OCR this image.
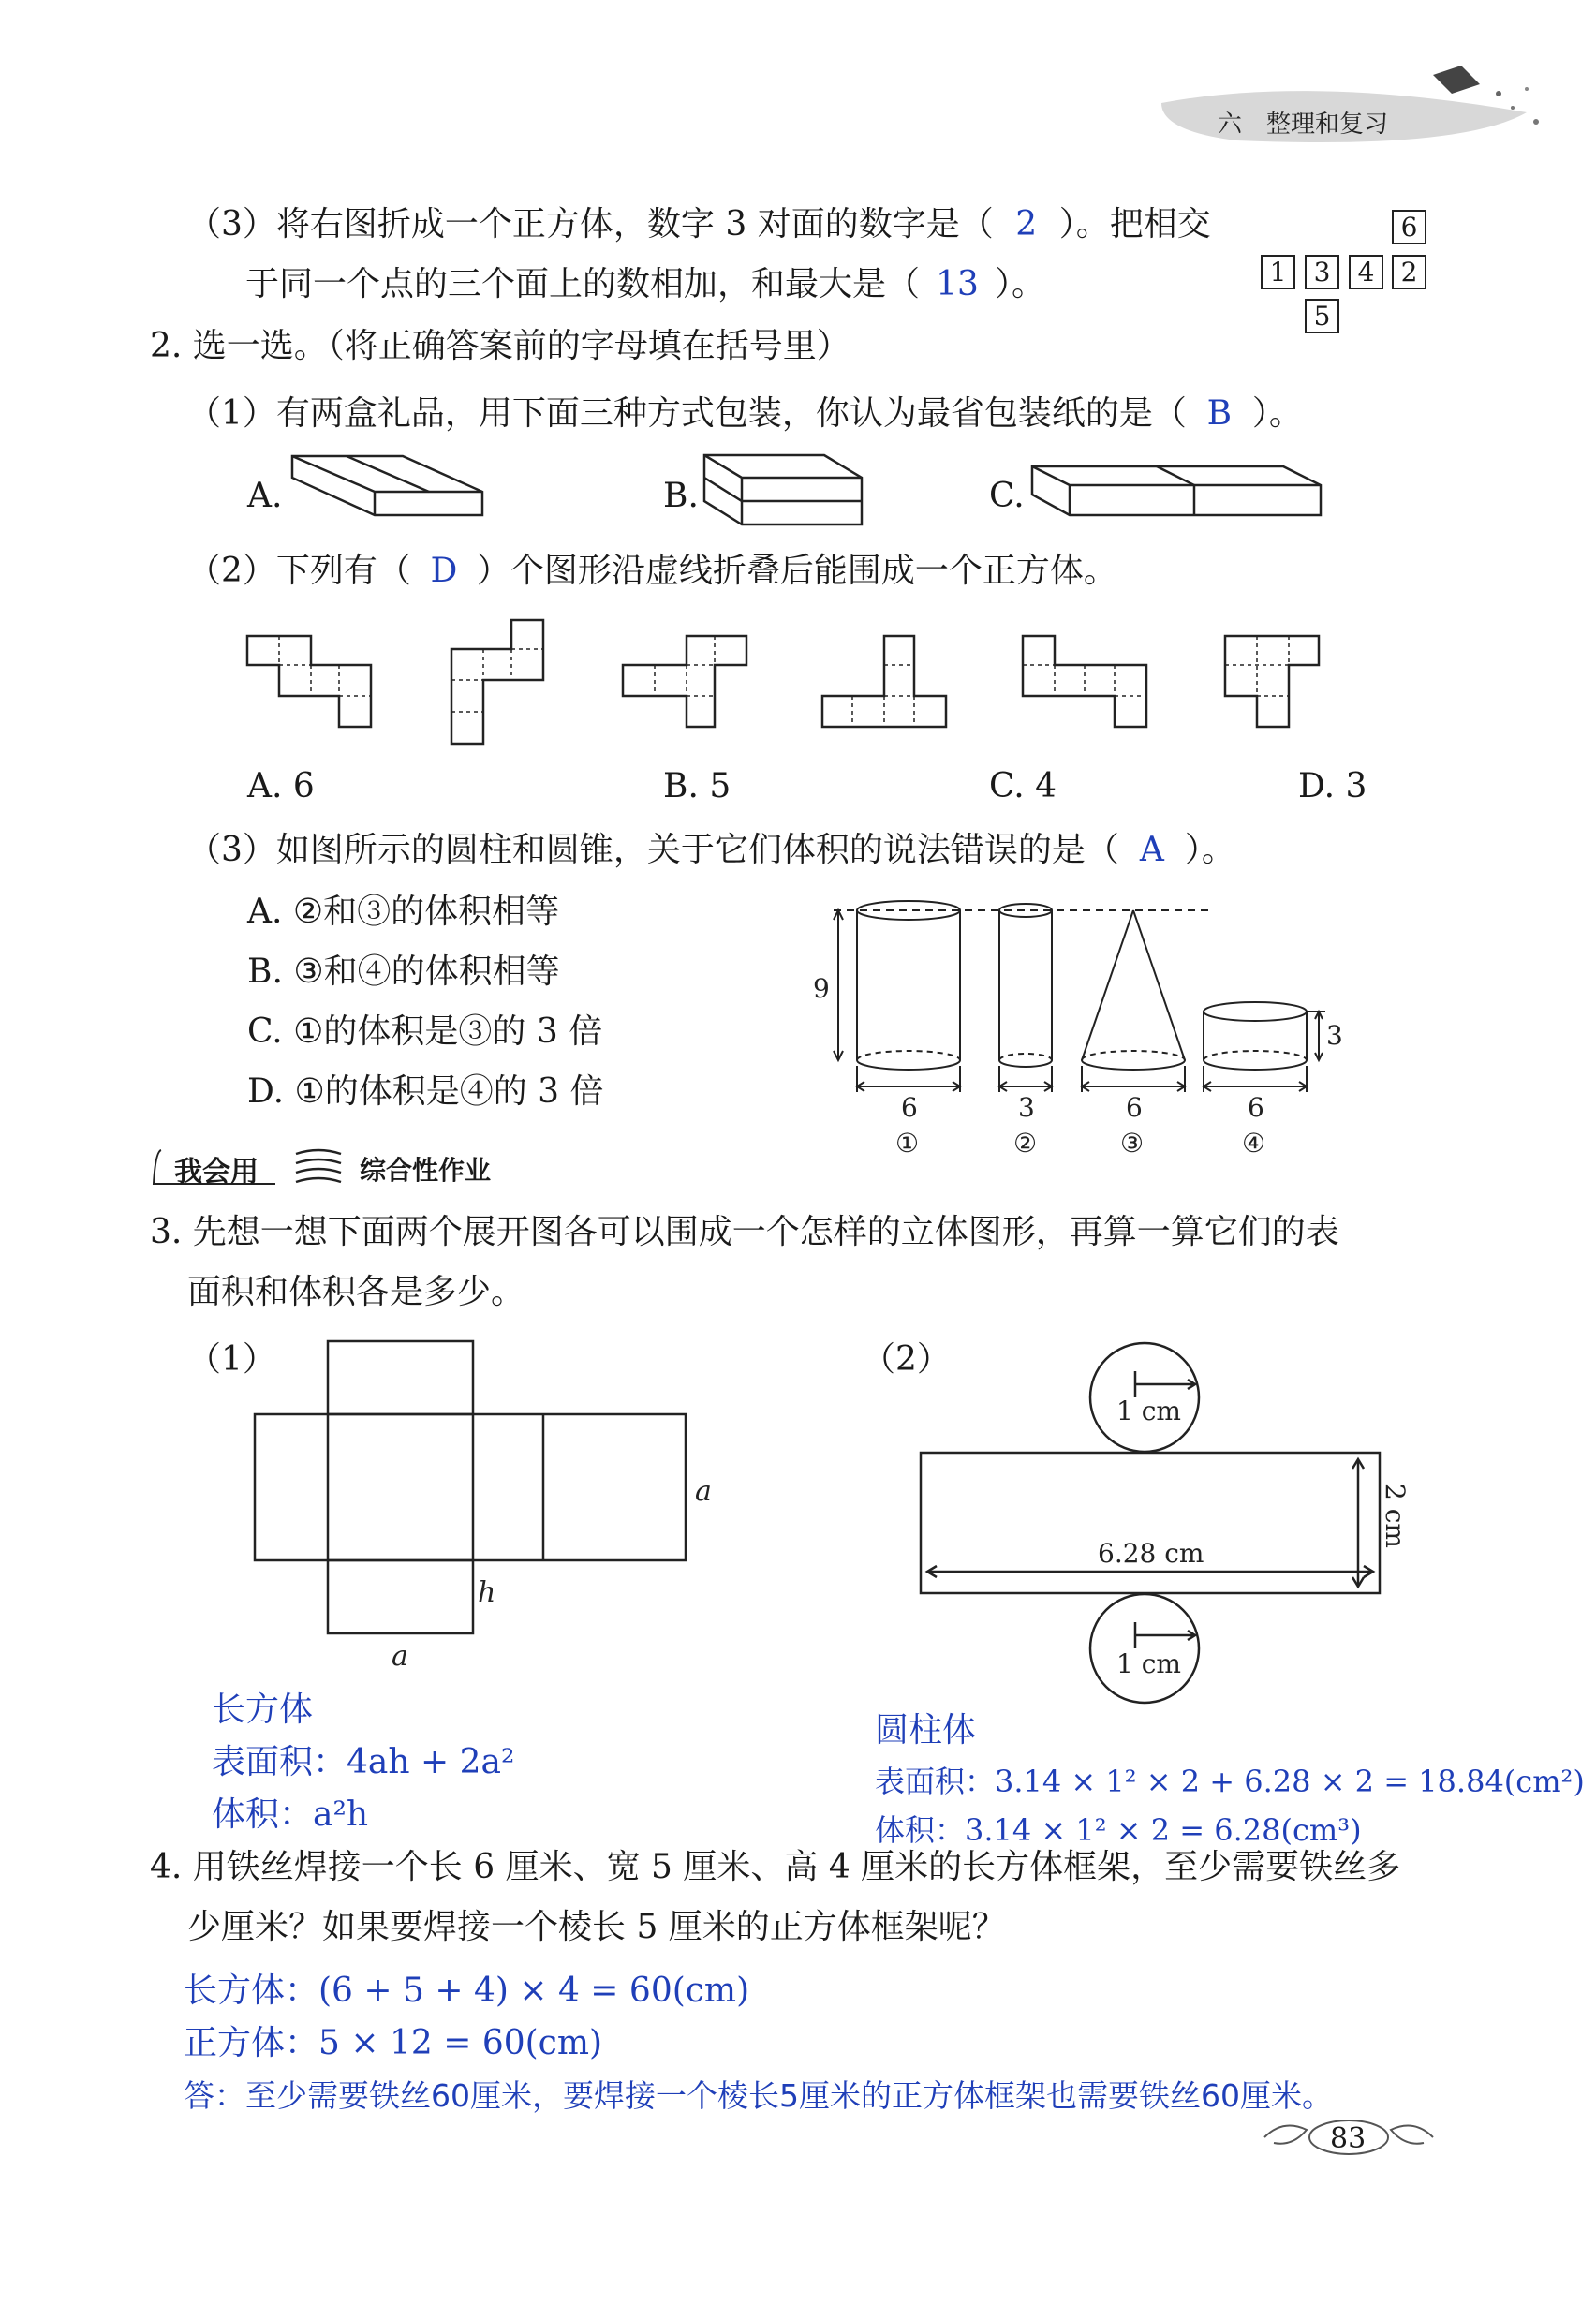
六　整理和复习
（3）将右图折成一个正方体，数字 3 对面的数字是（ 2 ）。把相交
于同一个点的三个面上的数相加，和最大是（ 13 ）。
6
1	3	4	2
5
2. 选一选。（将正确答案前的字母填在括号里）
（1）有两盒礼品，用下面三种方式包装，你认为最省包装纸的是（ B ）。
A.	B.	C.
（2）下列有（ D ）个图形沿虚线折叠后能围成一个正方体。
A. 6	B. 5	C. 4	D. 3
（3）如图所示的圆柱和圆锥，关于它们体积的说法错误的是（ A ）。
A. ②和③的体积相等
B. ③和④的体积相等
C. ①的体积是③的 3 倍
D. ①的体积是④的 3 倍
9
3
6	3	6	6
①	②	③	④
我会用	综合性作业
3. 先想一想下面两个展开图各可以围成一个怎样的立体图形，再算一算它们的表
面积和体积各是多少。
（1）
a
h
a
（2）
1 cm
1 cm
6.28 cm
2 cm
长方体
表面积：4ah + 2a²
体积：a²h
圆柱体
表面积：3.14 × 1² × 2 + 6.28 × 2 = 18.84(cm²)
体积：3.14 × 1² × 2 = 6.28(cm³)
4. 用铁丝焊接一个长 6 厘米、宽 5 厘米、高 4 厘米的长方体框架，至少需要铁丝多
少厘米？如果要焊接一个棱长 5 厘米的正方体框架呢？
长方体：(6 + 5 + 4) × 4 = 60(cm)
正方体：5 × 12 = 60(cm)
答：至少需要铁丝60厘米，要焊接一个棱长5厘米的正方体框架也需要铁丝60厘米。
83
